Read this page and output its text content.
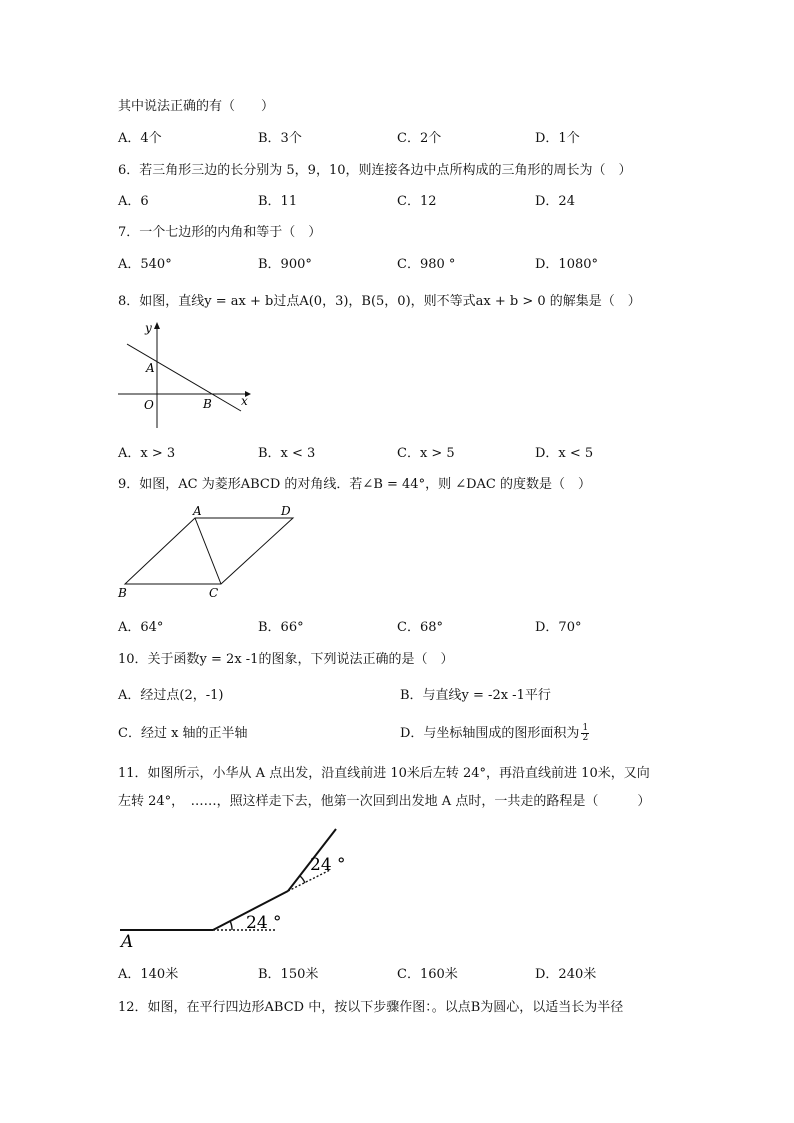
其中说法正确的有（　　）
A．4个	B．3个	C．2个	D．1个
6．若三角形三边的长分别为 5，9，10，则连接各边中点所构成的三角形的周长为（　）
A．6	B．11	C．12	D．24
7．一个七边形的内角和等于（　）
A．540°	B．900°	C．980 °	D．1080°
8．如图，直线y = ax + b过点A(0，3)，B(5，0)，则不等式ax + b > 0 的解集是（　）
y
x
O
A
B
A．x > 3	B．x < 3	C．x > 5	D．x < 5
9．如图，AC 为菱形ABCD 的对角线．若∠B = 44°，则 ∠DAC 的度数是（　）
A	D
B	C
A．64°	B．66°	C．68°	D．70°
10．关于函数y = 2x -1的图象，下列说法正确的是（　）
A．经过点(2，-1)	B．与直线y = -2x -1平行
C．经过 x 轴的正半轴	D．与坐标轴围成的图形面积为 $\frac{1}{2}$
11．如图所示，小华从 A 点出发，沿直线前进 10米后左转 24°，再沿直线前进 10米，又向
左转 24°，　……，照这样走下去，他第一次回到出发地 A 点时，一共走的路程是（　　　）
A
24 °
24 °
A．140米	B．150米	C．160米	D．240米
12．如图，在平行四边形ABCD 中，按以下步骤作图：。以点B为圆心，以适当长为半径
